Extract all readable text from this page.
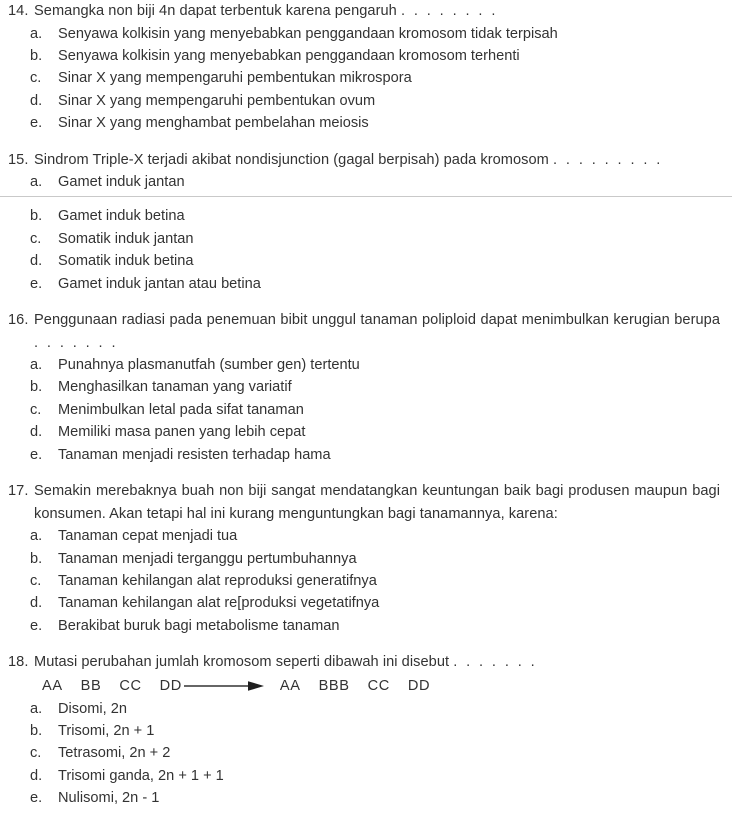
14. Semangka non biji 4n dapat terbentuk karena pengaruh . . . . . . . .
a.	Senyawa kolkisin yang menyebabkan penggandaan kromosom tidak terpisah
b.	Senyawa kolkisin yang menyebabkan penggandaan kromosom terhenti
c.	Sinar X yang mempengaruhi pembentukan mikrospora
d.	Sinar X yang mempengaruhi pembentukan ovum
e.	Sinar X yang menghambat pembelahan meiosis
15. Sindrom Triple-X terjadi akibat nondisjunction (gagal berpisah) pada kromosom . . . . . . . . .
a.	Gamet induk jantan
b.	Gamet induk betina
c.	Somatik induk jantan
d.	Somatik induk betina
e.	Gamet induk jantan atau betina
16. Penggunaan radiasi pada penemuan bibit unggul tanaman poliploid dapat menimbulkan kerugian berupa . . . . . . .
a.	Punahnya plasmanutfah (sumber gen) tertentu
b.	Menghasilkan tanaman yang variatif
c.	Menimbulkan letal pada sifat tanaman
d.	Memiliki masa panen yang lebih cepat
e.	Tanaman menjadi resisten terhadap hama
17. Semakin merebaknya buah non biji sangat mendatangkan keuntungan baik bagi produsen maupun bagi konsumen. Akan tetapi hal ini kurang menguntungkan bagi tanamannya, karena:
a.	Tanaman cepat menjadi tua
b.	Tanaman menjadi terganggu pertumbuhannya
c.	Tanaman kehilangan alat reproduksi generatifnya
d.	Tanaman kehilangan alat re[produksi vegetatifnya
e.	Berakibat buruk bagi metabolisme tanaman
18. Mutasi perubahan jumlah kromosom seperti dibawah ini disebut . . . . . . .
AA BB CC DD	AA BBB CC DD
a.	Disomi, 2n
b.	Trisomi, 2n + 1
c.	Tetrasomi, 2n + 2
d.	Trisomi ganda, 2n + 1 + 1
e.	Nulisomi, 2n - 1
